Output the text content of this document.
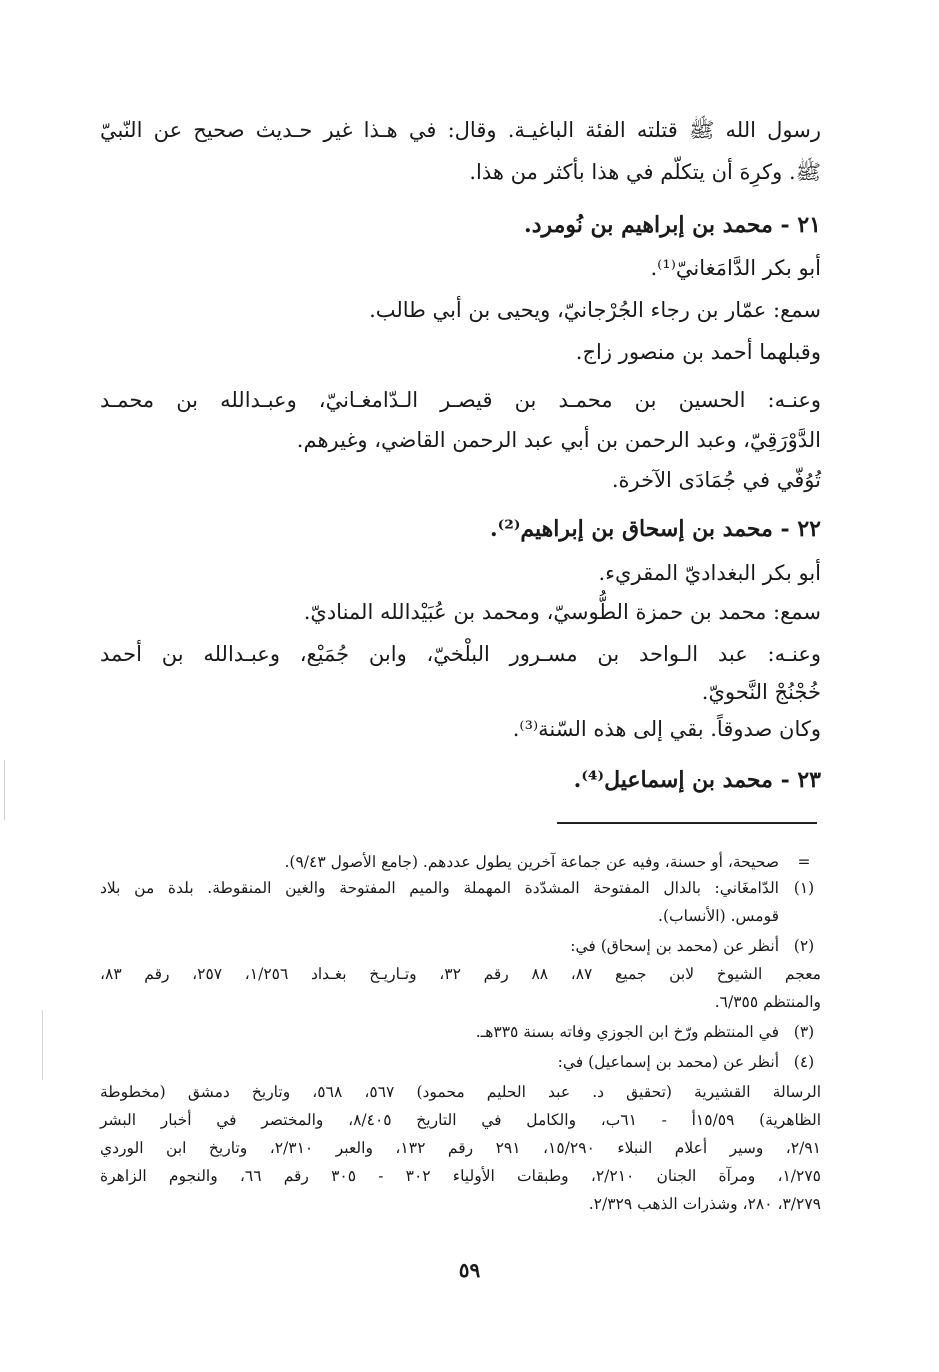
رسول الله ﷺ قتلته الفئة الباغيـة. وقال: في هـذا غير حـديث صحيح عن النّبيّ
ﷺ. وكرِهَ أن يتكلّم في هذا بأكثر من هذا.
٢١ - محمد بن إبراهيم بن نُومرد.
أبو بكر الدَّامَغانيّ⁽¹⁾.
سمع: عمّار بن رجاء الجُرْجانيّ، ويحيى بن أبي طالب.
وقبلهما أحمد بن منصور زاج.
وعنـه: الحسين بن محمـد بن قيصـر الـدّامغـانيّ، وعبـدالله بن محمـد
الدَّوْرَقِيّ، وعبد الرحمن بن أبي عبد الرحمن القاضي، وغيرهم.
تُوُفّي في جُمَادَى الآخرة.
٢٢ - محمد بن إسحاق بن إبراهيم⁽²⁾.
أبو بكر البغداديّ المقريء.
سمع: محمد بن حمزة الطُّوسيّ، ومحمد بن عُبَيْدالله المناديّ.
وعنـه: عبد الـواحد بن مسـرور البلْخيّ، وابن جُمَيْع، وعبـدالله بن أحمد
خُجْنُجْ النَّحويّ.
وكان صدوقاً. بقي إلى هذه السّنة⁽³⁾.
٢٣ - محمد بن إسماعيل⁽⁴⁾.
=
صحيحة، أو حسنة، وفيه عن جماعة آخرين يطول عددهم. (جامع الأصول ٩/٤٣).
(١)
الدّامغَاني: بالدال المفتوحة المشدّدة المهملة والميم المفتوحة والغين المنقوطة. بلدة من بلاد
قومس. (الأنساب).
(٢)
أنظر عن (محمد بن إسحاق) في:
معجم الشيوخ لابن جميع ٨٧، ٨٨ رقم ٣٢، وتـاريـخ بغـداد ١/٢٥٦، ٢٥٧، رقم ٨٣،
والمنتظم ٦/٣٥٥.
(٣)
في المنتظم ورّخ ابن الجوزي وفاته بسنة ٣٣٥هـ.
(٤)
أنظر عن (محمد بن إسماعيل) في:
الرسالة القشيرية (تحقيق د. عبد الحليم محمود) ٥٦٧، ٥٦٨، وتاريخ دمشق (مخطوطة
الظاهرية) ١٥/٥٩أ - ٦١ب، والكامل في التاريخ ٨/٤٠٥، والمختصر في أخبار البشر
٢/٩١، وسير أعلام النبلاء ١٥/٢٩٠، ٢٩١ رقم ١٣٢، والعبر ٢/٣١٠، وتاريخ ابن الوردي
١/٢٧٥، ومرآة الجنان ٢/٢١٠، وطبقات الأولياء ٣٠٢ - ٣٠٥ رقم ٦٦، والنجوم الزاهرة
٣/٢٧٩، ٢٨٠، وشذرات الذهب ٢/٣٢٩.
٥٩
